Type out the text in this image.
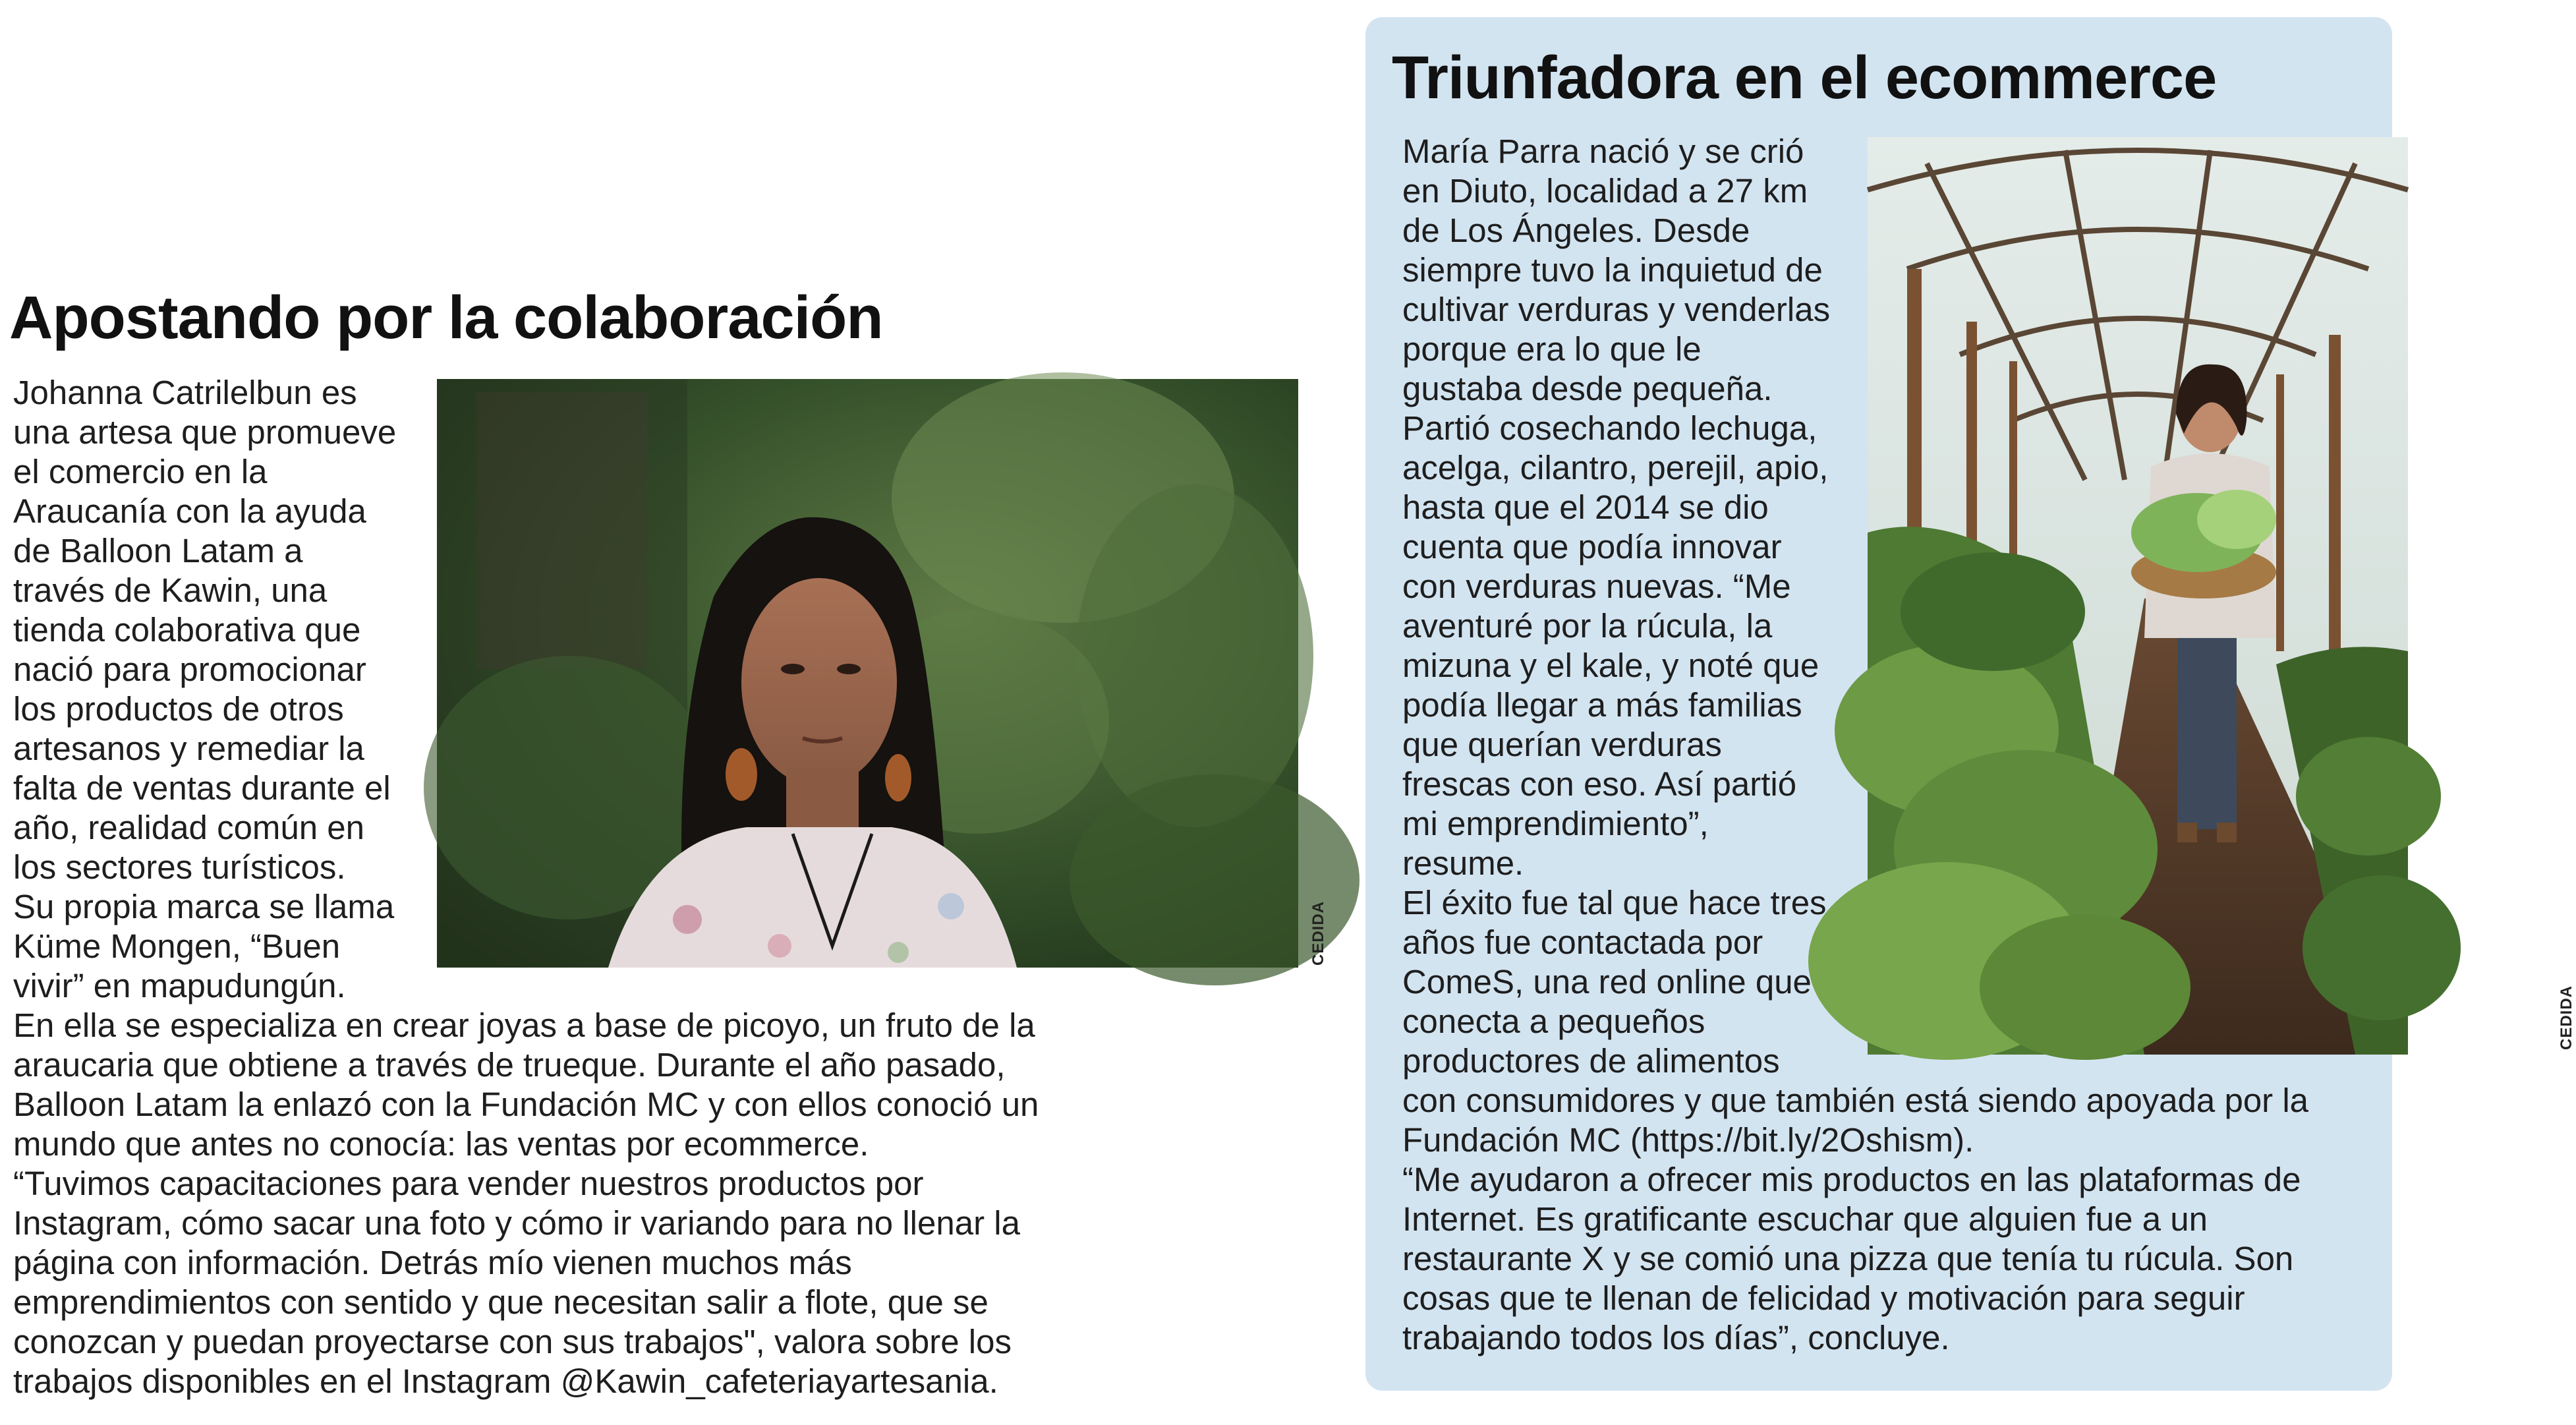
Apostando por la colaboración
CEDIDA
Johanna Catrilelbun es
una artesa que promueve
el comercio en la
Araucanía con la ayuda
de Balloon Latam a
través de Kawin, una
tienda colaborativa que
nació para promocionar
los productos de otros
artesanos y remediar la
falta de ventas durante el
año, realidad común en
los sectores turísticos.
Su propia marca se llama
Küme Mongen, “Buen
vivir” en mapudungún.
En ella se especializa en crear joyas a base de picoyo, un fruto de la
araucaria que obtiene a través de trueque. Durante el año pasado,
Balloon Latam la enlazó con la Fundación MC y con ellos conoció un
mundo que antes no conocía: las ventas por ecommerce.
“Tuvimos capacitaciones para vender nuestros productos por
Instagram, cómo sacar una foto y cómo ir variando para no llenar la
página con información. Detrás mío vienen muchos más
emprendimientos con sentido y que necesitan salir a flote, que se
conozcan y puedan proyectarse con sus trabajos", valora sobre los
trabajos disponibles en el Instagram @Kawin_cafeteriayartesania.
Triunfadora en el ecommerce
CEDIDA
María Parra nació y se crió
en Diuto, localidad a 27 km
de Los Ángeles. Desde
siempre tuvo la inquietud de
cultivar verduras y venderlas
porque era lo que le
gustaba desde pequeña.
Partió cosechando lechuga,
acelga, cilantro, perejil, apio,
hasta que el 2014 se dio
cuenta que podía innovar
con verduras nuevas. “Me
aventuré por la rúcula, la
mizuna y el kale, y noté que
podía llegar a más familias
que querían verduras
frescas con eso. Así partió
mi emprendimiento”,
resume.
El éxito fue tal que hace tres
años fue contactada por
ComeS, una red online que
conecta a pequeños
productores de alimentos
con consumidores y que también está siendo apoyada por la
Fundación MC (https://bit.ly/2Oshism).
“Me ayudaron a ofrecer mis productos en las plataformas de
Internet. Es gratificante escuchar que alguien fue a un
restaurante X y se comió una pizza que tenía tu rúcula. Son
cosas que te llenan de felicidad y motivación para seguir
trabajando todos los días”, concluye.
